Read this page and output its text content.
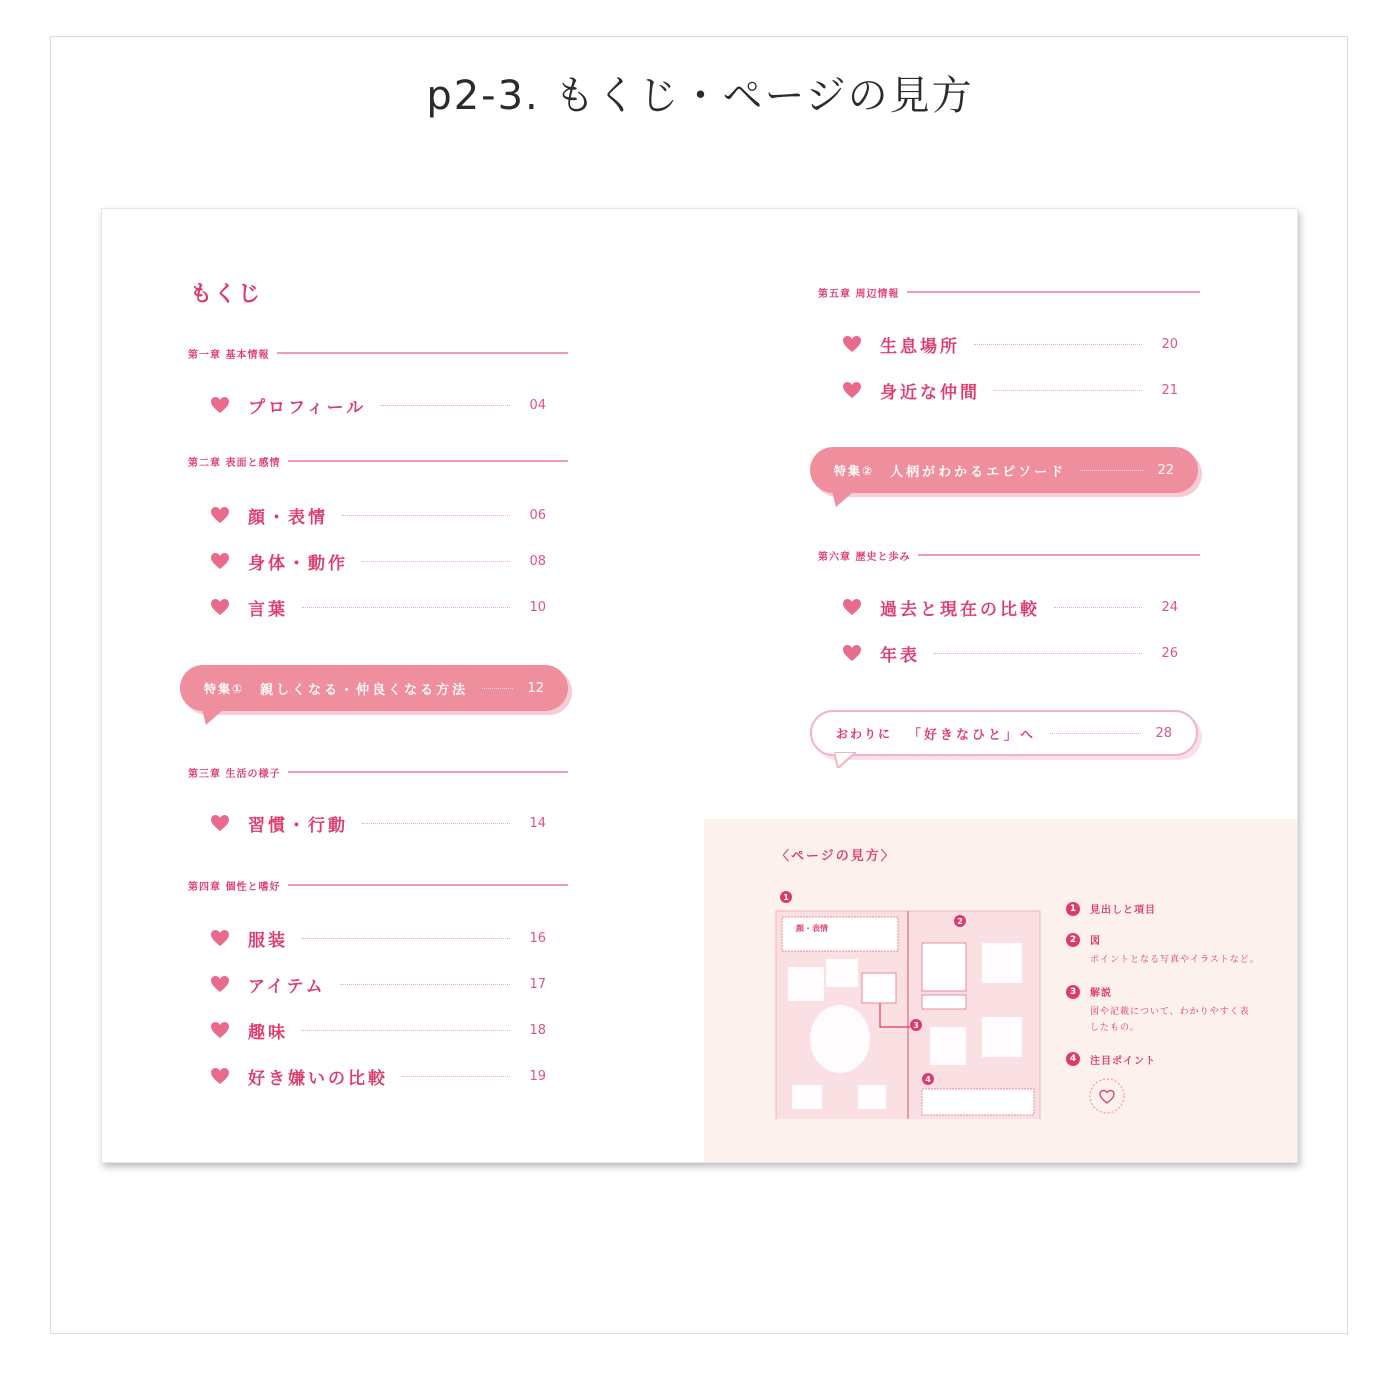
p2-3. もくじ・ページの見方
もくじ
第一章 基本情報
プロフィール	04
第二章 表面と感情
顔・表情	06
身体・動作	08
言葉	10
特集① 親しくなる・仲良くなる方法	12
第三章 生活の様子
習慣・行動	14
第四章 個性と嗜好
服装	16
アイテム	17
趣味	18
好き嫌いの比較	19
第五章 周辺情報
生息場所	20
身近な仲間	21
特集② 人柄がわかるエピソード	22
第六章 歴史と歩み
過去と現在の比較	24
年表	26
おわりに 「好きなひと」へ	28
〈ページの見方〉
1
2
3
4
顔・表情
1	見出しと項目
2	図
ポイントとなる写真やイラストなど。
3	解説
図や記載について、わかりやすく表したもの。
4	注目ポイント
